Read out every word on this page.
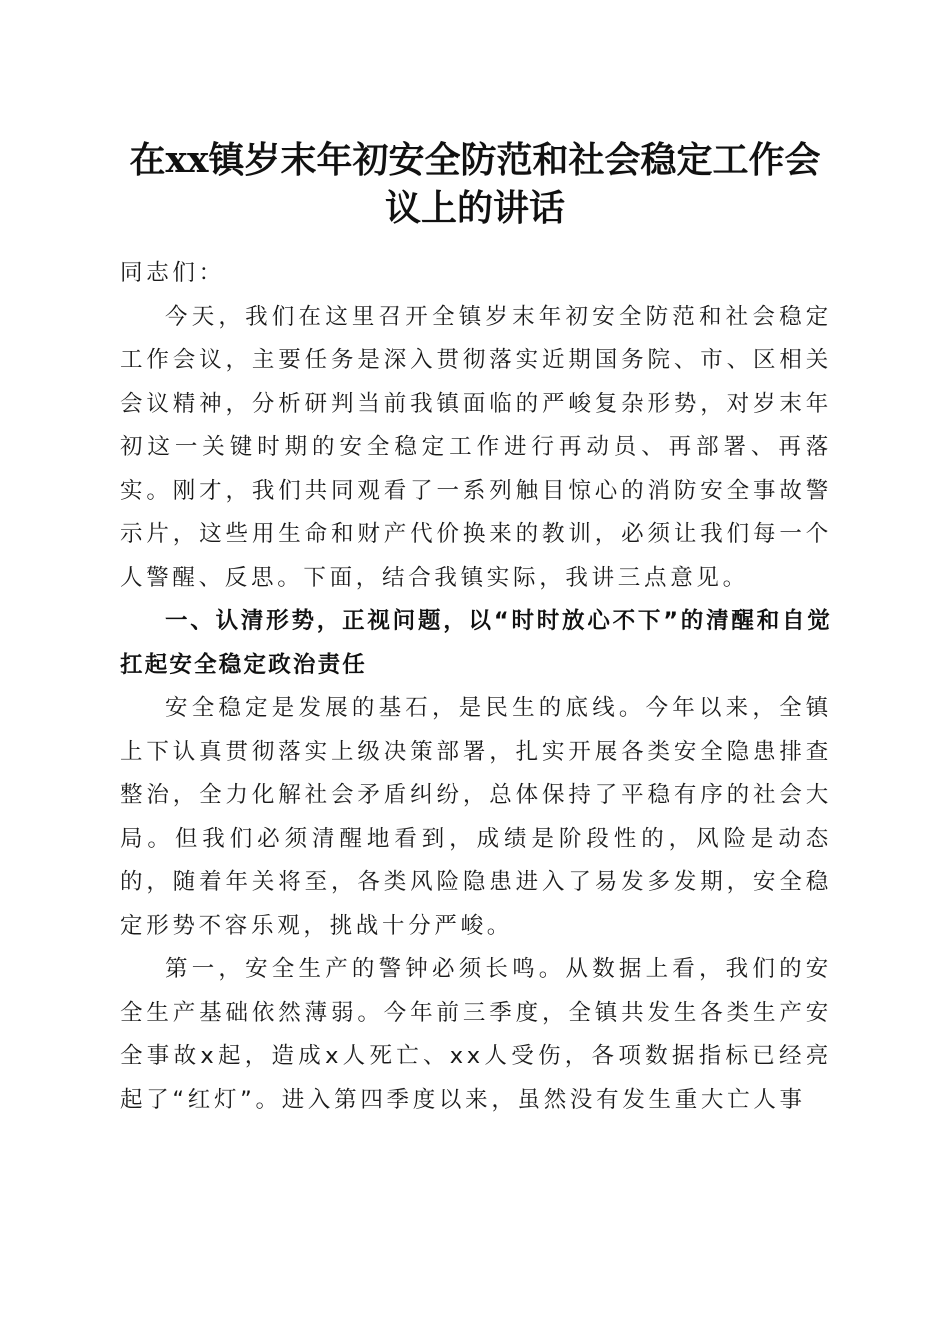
在xx镇岁末年初安全防范和社会稳定工作会
议上的讲话

同志们：

今天，我们在这里召开全镇岁末年初安全防范和社会稳定工作会议，主要任务是深入贯彻落实近期国务院、市、区相关会议精神，分析研判当前我镇面临的严峻复杂形势，对岁末年初这一关键时期的安全稳定工作进行再动员、再部署、再落实。刚才，我们共同观看了一系列触目惊心的消防安全事故警示片，这些用生命和财产代价换来的教训，必须让我们每一个人警醒、反思。下面，结合我镇实际，我讲三点意见。

一、认清形势，正视问题，以“时时放心不下”的清醒和自觉扛起安全稳定政治责任

安全稳定是发展的基石，是民生的底线。今年以来，全镇上下认真贯彻落实上级决策部署，扎实开展各类安全隐患排查整治，全力化解社会矛盾纠纷，总体保持了平稳有序的社会大局。但我们必须清醒地看到，成绩是阶段性的，风险是动态的，随着年关将至，各类风险隐患进入了易发多发期，安全稳定形势不容乐观，挑战十分严峻。

第一，安全生产的警钟必须长鸣。从数据上看，我们的安全生产基础依然薄弱。今年前三季度，全镇共发生各类生产安全事故x起，造成x人死亡、xx人受伤，各项数据指标已经亮起了“红灯”。进入第四季度以来，虽然没有发生重大亡人事
